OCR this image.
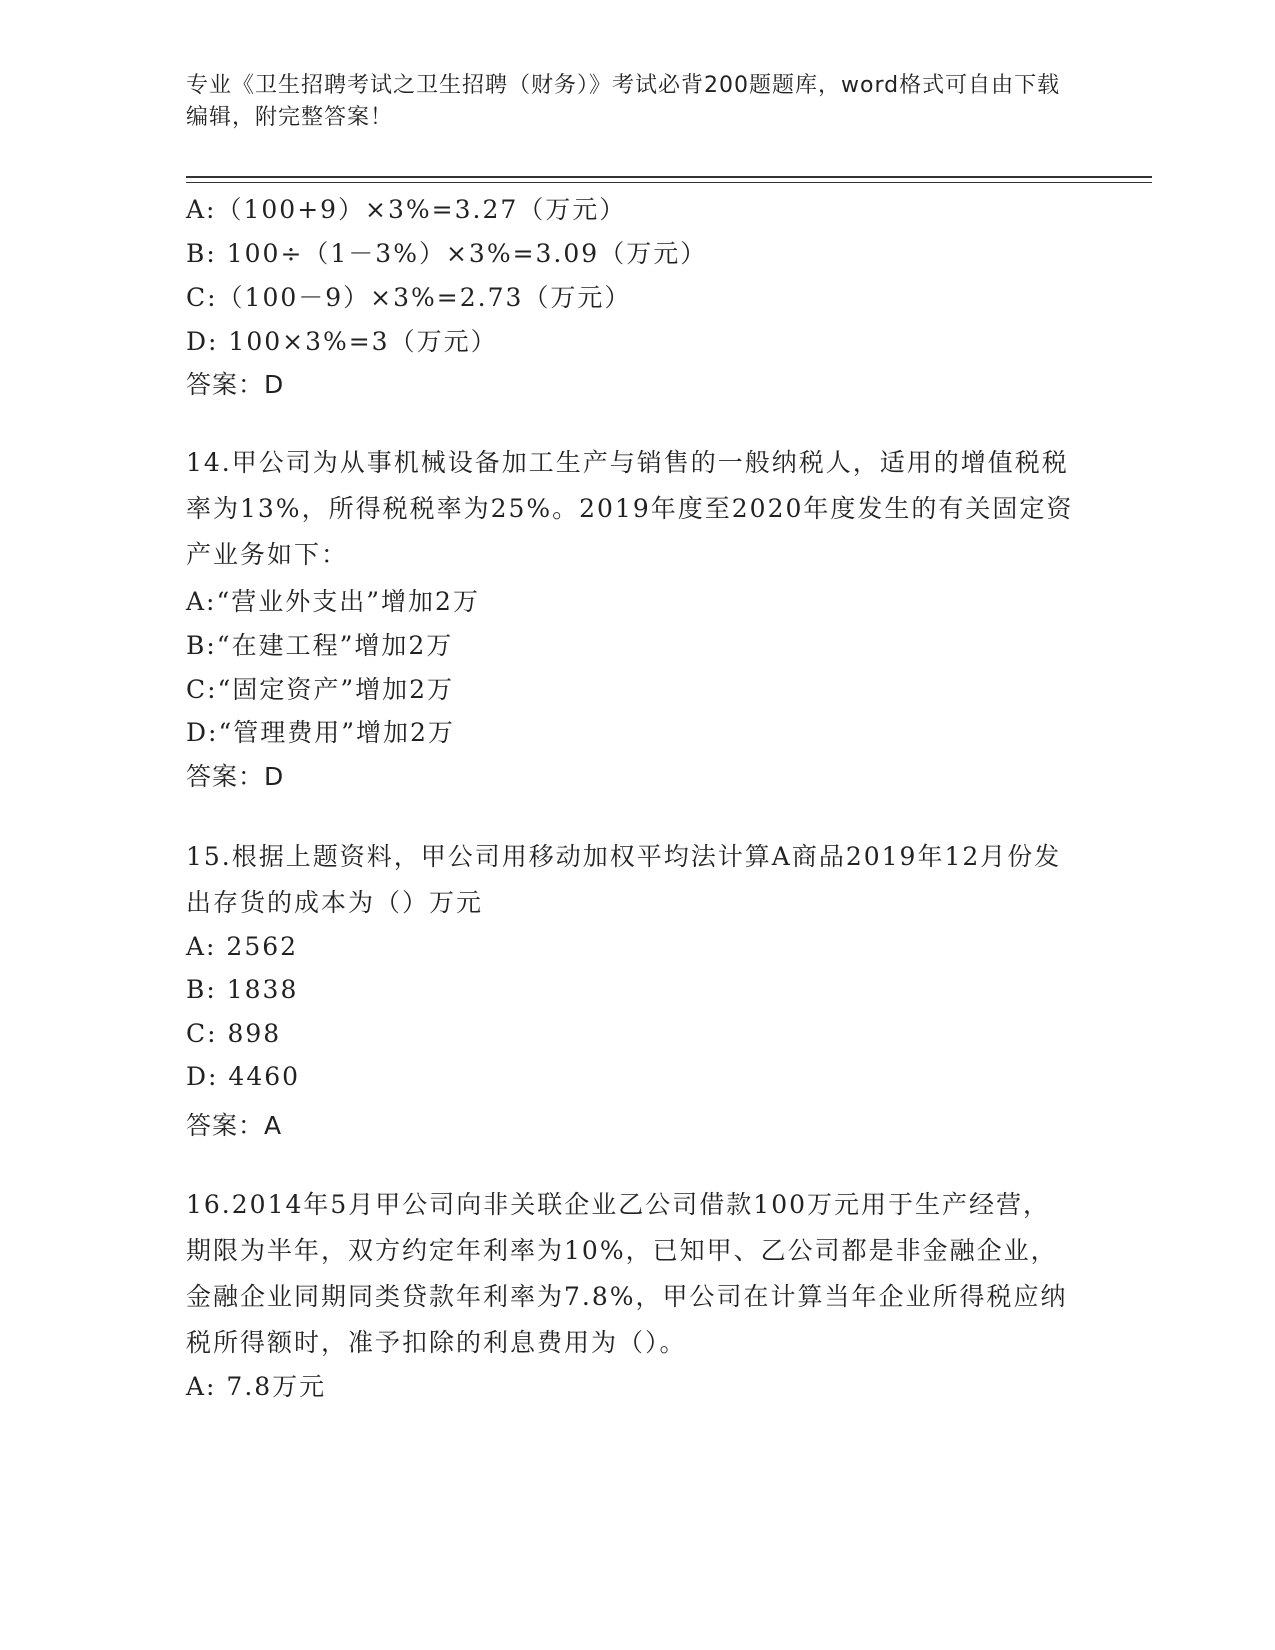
专业《卫生招聘考试之卫生招聘（财务）》考试必背200题题库，word格式可自由下载编辑，附完整答案！
A:（100+9）×3%=3.27（万元）
B: 100÷（1－3%）×3%=3.09（万元）
C:（100－9）×3%=2.73（万元）
D: 100×3%=3（万元）
答案：D
14.甲公司为从事机械设备加工生产与销售的一般纳税人，适用的增值税税率为13%，所得税税率为25%。2019年度至2020年度发生的有关固定资产业务如下：
A:“营业外支出”增加2万
B:“在建工程”增加2万
C:“固定资产”增加2万
D:“管理费用”增加2万
答案：D
15.根据上题资料，甲公司用移动加权平均法计算A商品2019年12月份发出存货的成本为（）万元
A: 2562
B: 1838
C: 898
D: 4460
答案：A
16.2014年5月甲公司向非关联企业乙公司借款100万元用于生产经营，期限为半年，双方约定年利率为10%，已知甲、乙公司都是非金融企业，金融企业同期同类贷款年利率为7.8%，甲公司在计算当年企业所得税应纳税所得额时，准予扣除的利息费用为（）。
A: 7.8万元
